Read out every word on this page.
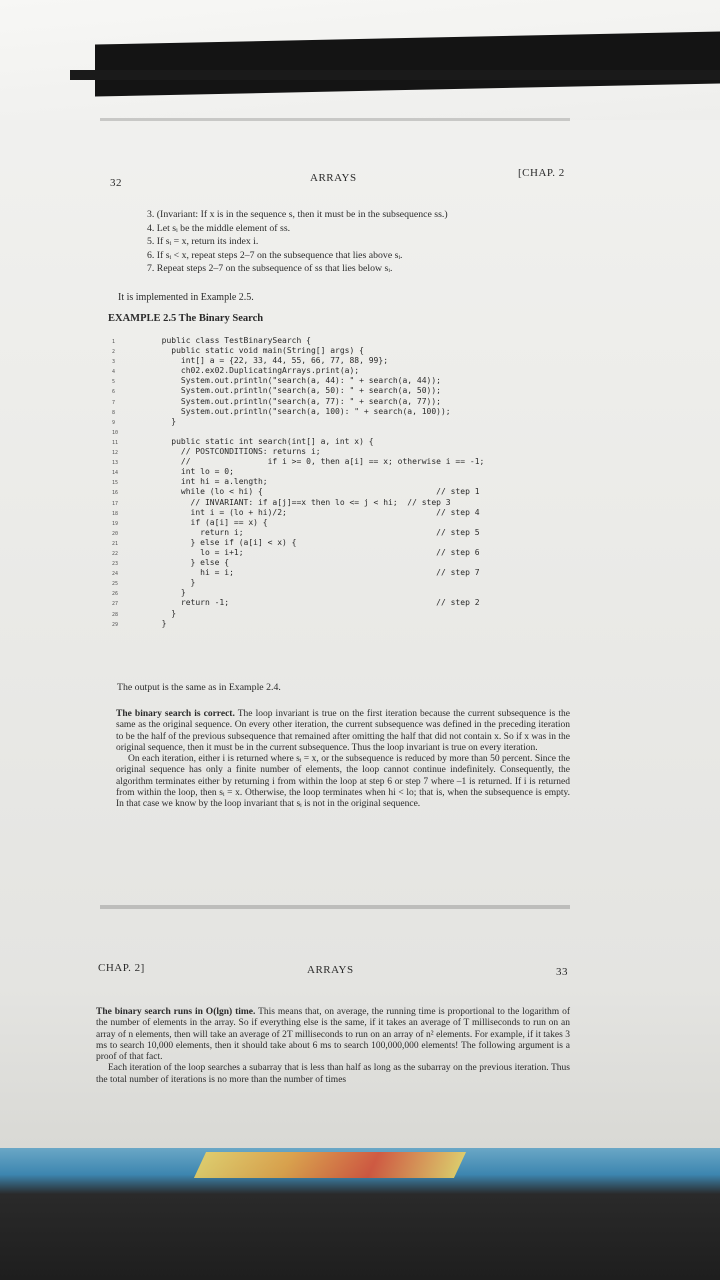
32	ARRAYS	[CHAP. 2
3. (Invariant: If x is in the sequence s, then it must be in the subsequence ss.)
4. Let sᵢ be the middle element of ss.
5. If sᵢ = x, return its index i.
6. If sᵢ < x, repeat steps 2–7 on the subsequence that lies above sᵢ.
7. Repeat steps 2–7 on the subsequence of ss that lies below sᵢ.
It is implemented in Example 2.5.
EXAMPLE 2.5 The Binary Search
1	public class TestBinarySearch {
2	public static void main(String[] args) {
3	int[] a = {22, 33, 44, 55, 66, 77, 88, 99};
4	ch02.ex02.DuplicatingArrays.print(a);
5	System.out.println("search(a, 44): " + search(a, 44));
6	System.out.println("search(a, 50): " + search(a, 50));
7	System.out.println("search(a, 77): " + search(a, 77));
8	System.out.println("search(a, 100): " + search(a, 100));
9	}
10
11	public static int search(int[] a, int x) {
12	// POSTCONDITIONS: returns i;
13	//                if i >= 0, then a[i] == x; otherwise i == -1;
14	int lo = 0;
15	int hi = a.length;
16	while (lo < hi) {                                    // step 1
17	// INVARIANT: if a[j]==x then lo <= j < hi;  // step 3
18	int i = (lo + hi)/2;                               // step 4
19	if (a[i] == x) {
20	return i;                                        // step 5
21	} else if (a[i] < x) {
22	lo = i+1;                                        // step 6
23	} else {
24	hi = i;                                          // step 7
25	}
26	}
27	return -1;                                           // step 2
28	}
29	}
The output is the same as in Example 2.4.

The binary search is correct. The loop invariant is true on the first iteration because the current subsequence is the same as the original sequence. On every other iteration, the current subsequence was defined in the preceding iteration to be the half of the previous subsequence that remained after omitting the half that did not contain x. So if x was in the original sequence, then it must be in the current subsequence. Thus the loop invariant is true on every iteration.

On each iteration, either i is returned where sᵢ = x, or the subsequence is reduced by more than 50 percent. Since the original sequence has only a finite number of elements, the loop cannot continue indefinitely. Consequently, the algorithm terminates either by returning i from within the loop at step 6 or step 7 where –1 is returned. If i is returned from within the loop, then sᵢ = x. Otherwise, the loop terminates when hi < lo; that is, when the subsequence is empty. In that case we know by the loop invariant that sᵢ is not in the original sequence.

CHAP. 2]	ARRAYS	33

The binary search runs in O(lgn) time. This means that, on average, the running time is proportional to the logarithm of the number of elements in the array. So if everything else is the same, if it takes an average of T milliseconds to run on an array of n elements, then will take an average of 2T milliseconds to run on an array of n² elements. For example, if it takes 3 ms to search 10,000 elements, then it should take about 6 ms to search 100,000,000 elements! The following argument is a proof of that fact.

Each iteration of the loop searches a subarray that is less than half as long as the subarray on the previous iteration. Thus the total number of iterations is no more than the number of times
